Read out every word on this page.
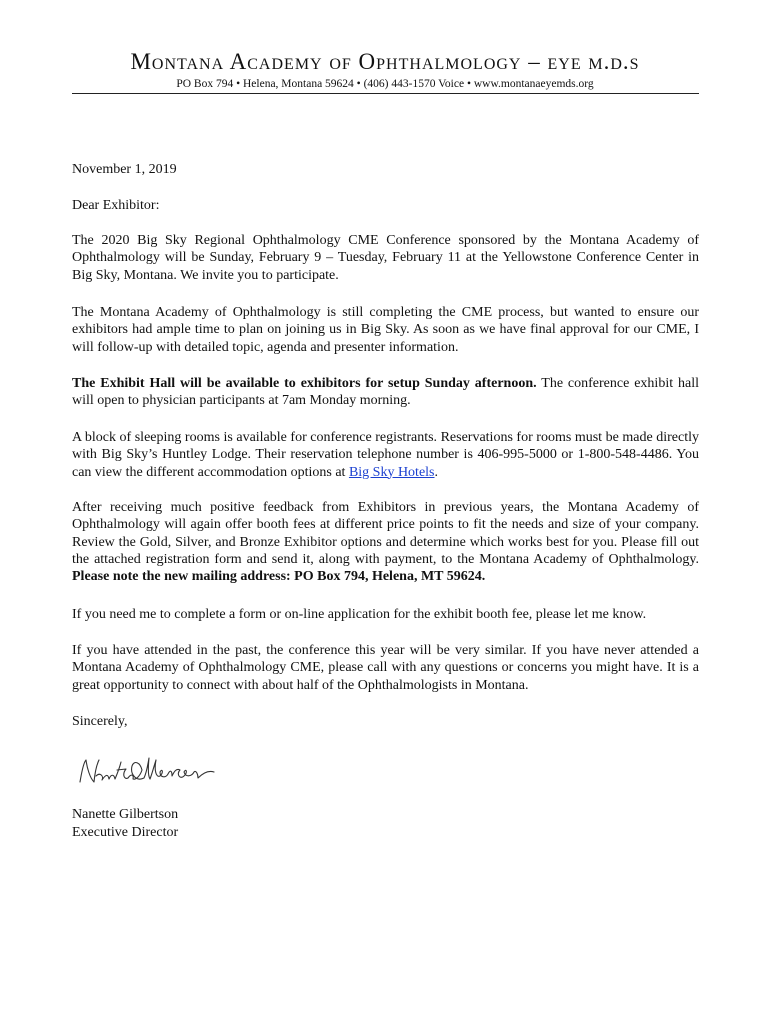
Montana Academy of Ophthalmology – eye m.d.s
PO Box 794 • Helena, Montana 59624 • (406) 443-1570 Voice • www.montanaeyemds.org
November 1, 2019
Dear Exhibitor:
The 2020 Big Sky Regional Ophthalmology CME Conference sponsored by the Montana Academy of Ophthalmology will be Sunday, February 9 – Tuesday, February 11 at the Yellowstone Conference Center in Big Sky, Montana. We invite you to participate.
The Montana Academy of Ophthalmology is still completing the CME process, but wanted to ensure our exhibitors had ample time to plan on joining us in Big Sky. As soon as we have final approval for our CME, I will follow-up with detailed topic, agenda and presenter information.
The Exhibit Hall will be available to exhibitors for setup Sunday afternoon. The conference exhibit hall will open to physician participants at 7am Monday morning.
A block of sleeping rooms is available for conference registrants. Reservations for rooms must be made directly with Big Sky’s Huntley Lodge. Their reservation telephone number is 406-995-5000 or 1-800-548-4486. You can view the different accommodation options at Big Sky Hotels.
After receiving much positive feedback from Exhibitors in previous years, the Montana Academy of Ophthalmology will again offer booth fees at different price points to fit the needs and size of your company. Review the Gold, Silver, and Bronze Exhibitor options and determine which works best for you. Please fill out the attached registration form and send it, along with payment, to the Montana Academy of Ophthalmology. Please note the new mailing address: PO Box 794, Helena, MT 59624.
If you need me to complete a form or on-line application for the exhibit booth fee, please let me know.
If you have attended in the past, the conference this year will be very similar. If you have never attended a Montana Academy of Ophthalmology CME, please call with any questions or concerns you might have. It is a great opportunity to connect with about half of the Ophthalmologists in Montana.
Sincerely,
Nanette Gilbertson
Executive Director
